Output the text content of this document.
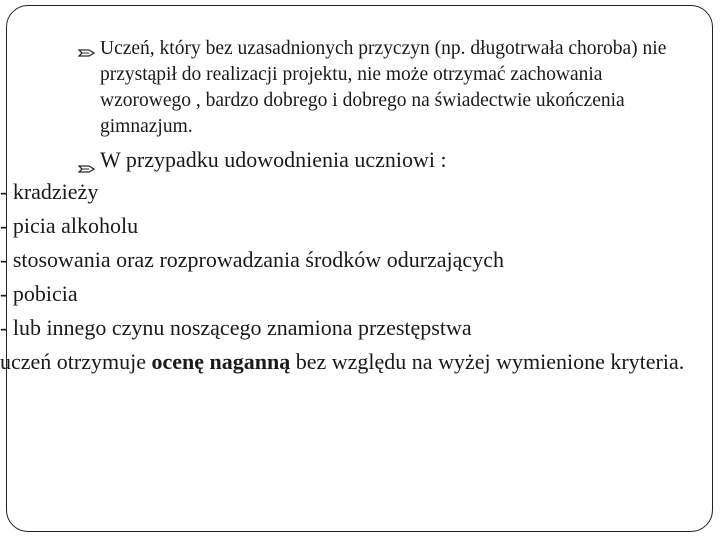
Uczeń, który bez uzasadnionych przyczyn (np. długotrwała choroba) nie przystąpił do realizacji projektu, nie może otrzymać zachowania wzorowego , bardzo dobrego i dobrego na świadectwie ukończenia gimnazjum.
W przypadku udowodnienia uczniowi :
- kradzieży
- picia alkoholu
- stosowania oraz rozprowadzania środków odurzających
- pobicia
- lub innego czynu noszącego znamiona przestępstwa
uczeń otrzymuje ocenę naganną bez względu na wyżej wymienione kryteria.
